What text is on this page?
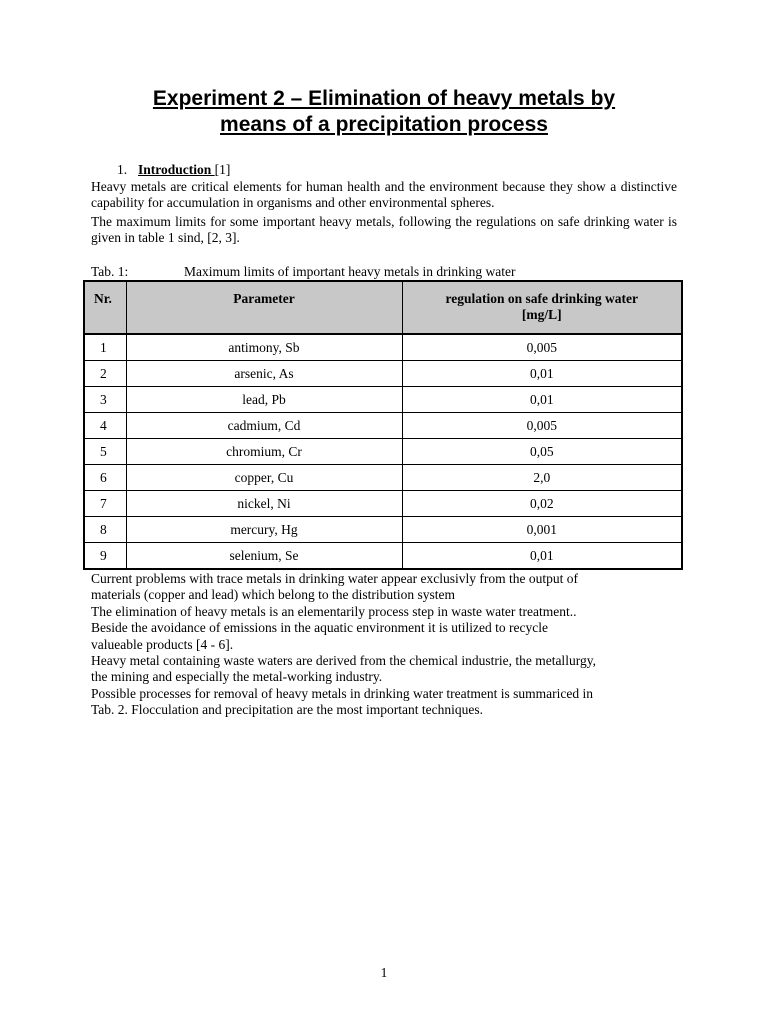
Experiment 2 – Elimination of heavy metals by
means of a precipitation process
1. Introduction [1]
Heavy metals are critical elements for human health and the environment because they show a distinctive capability for accumulation in organisms and other environmental spheres.
The maximum limits for some important heavy metals, following the regulations on safe drinking water is given in table 1 sind, [2, 3].
Tab. 1:	Maximum limits of important heavy metals in drinking water
Nr.	Parameter	regulation on safe drinking water
[mg/L]

1	antimony, Sb	0,005
2	arsenic, As	0,01
3	lead, Pb	0,01
4	cadmium, Cd	0,005
5	chromium, Cr	0,05
6	copper, Cu	2,0
7	nickel, Ni	0,02
8	mercury, Hg	0,001
9	selenium, Se	0,01
Current problems with trace metals in drinking water appear exclusivly from the output of
materials (copper and lead) which belong to the distribution system
The elimination of heavy metals is an elementarily process step in waste water treatment..
Beside the avoidance of emissions in the aquatic environment it is utilized to recycle
valueable products [4 - 6].
Heavy metal containing waste waters are derived from the chemical industrie, the metallurgy,
the mining and especially the metal-working industry.
Possible processes for removal of heavy metals in drinking water treatment is summariced in
Tab. 2. Flocculation and precipitation are the most important techniques.
1
